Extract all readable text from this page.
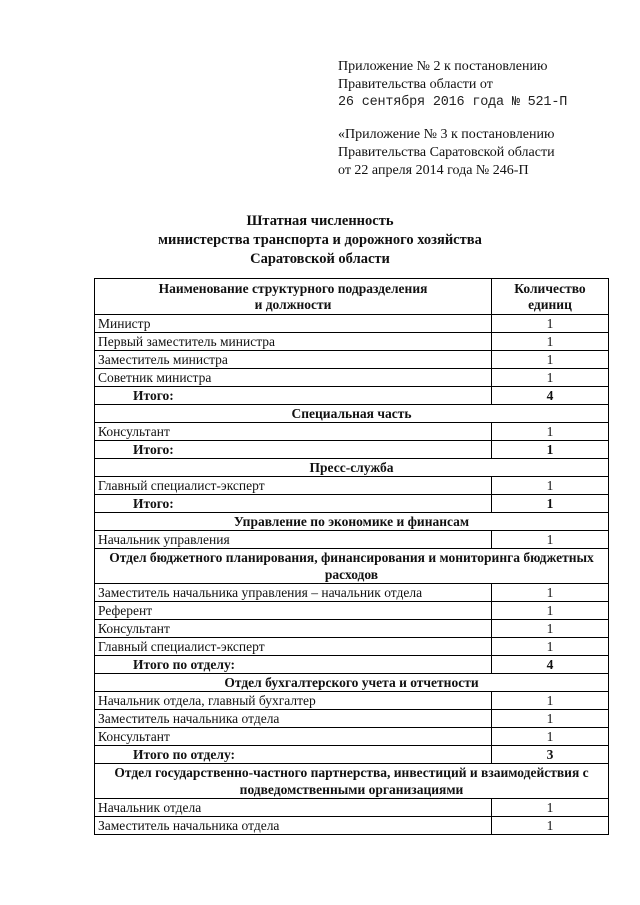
Приложение № 2 к постановлению
Правительства области от
26 сентября 2016 года № 521-П
«Приложение № 3 к постановлению
Правительства Саратовской области
от 22 апреля 2014 года № 246-П
Штатная численность
министерства транспорта и дорожного хозяйства
Саратовской области
Наименование структурного подразделения
и должности	Количество
единиц
Министр	1
Первый заместитель министра	1
Заместитель министра	1
Советник министра	1
Итого:	4
Специальная часть	
Консультант	1
Итого:	1
Пресс-служба	
Главный специалист-эксперт	1
Итого:	1
Управление по экономике и финансам	
Начальник управления	1
Отдел бюджетного планирования, финансирования и мониторинга бюджетных расходов	
Заместитель начальника управления – начальник отдела	1
Референт	1
Консультант	1
Главный специалист-эксперт	1
Итого по отделу:	4
Отдел бухгалтерского учета и отчетности	
Начальник отдела, главный бухгалтер	1
Заместитель начальника отдела	1
Консультант	1
Итого по отделу:	3
Отдел государственно-частного партнерства, инвестиций и взаимодействия с подведомственными организациями	
Начальник отдела	1
Заместитель начальника отдела	1
